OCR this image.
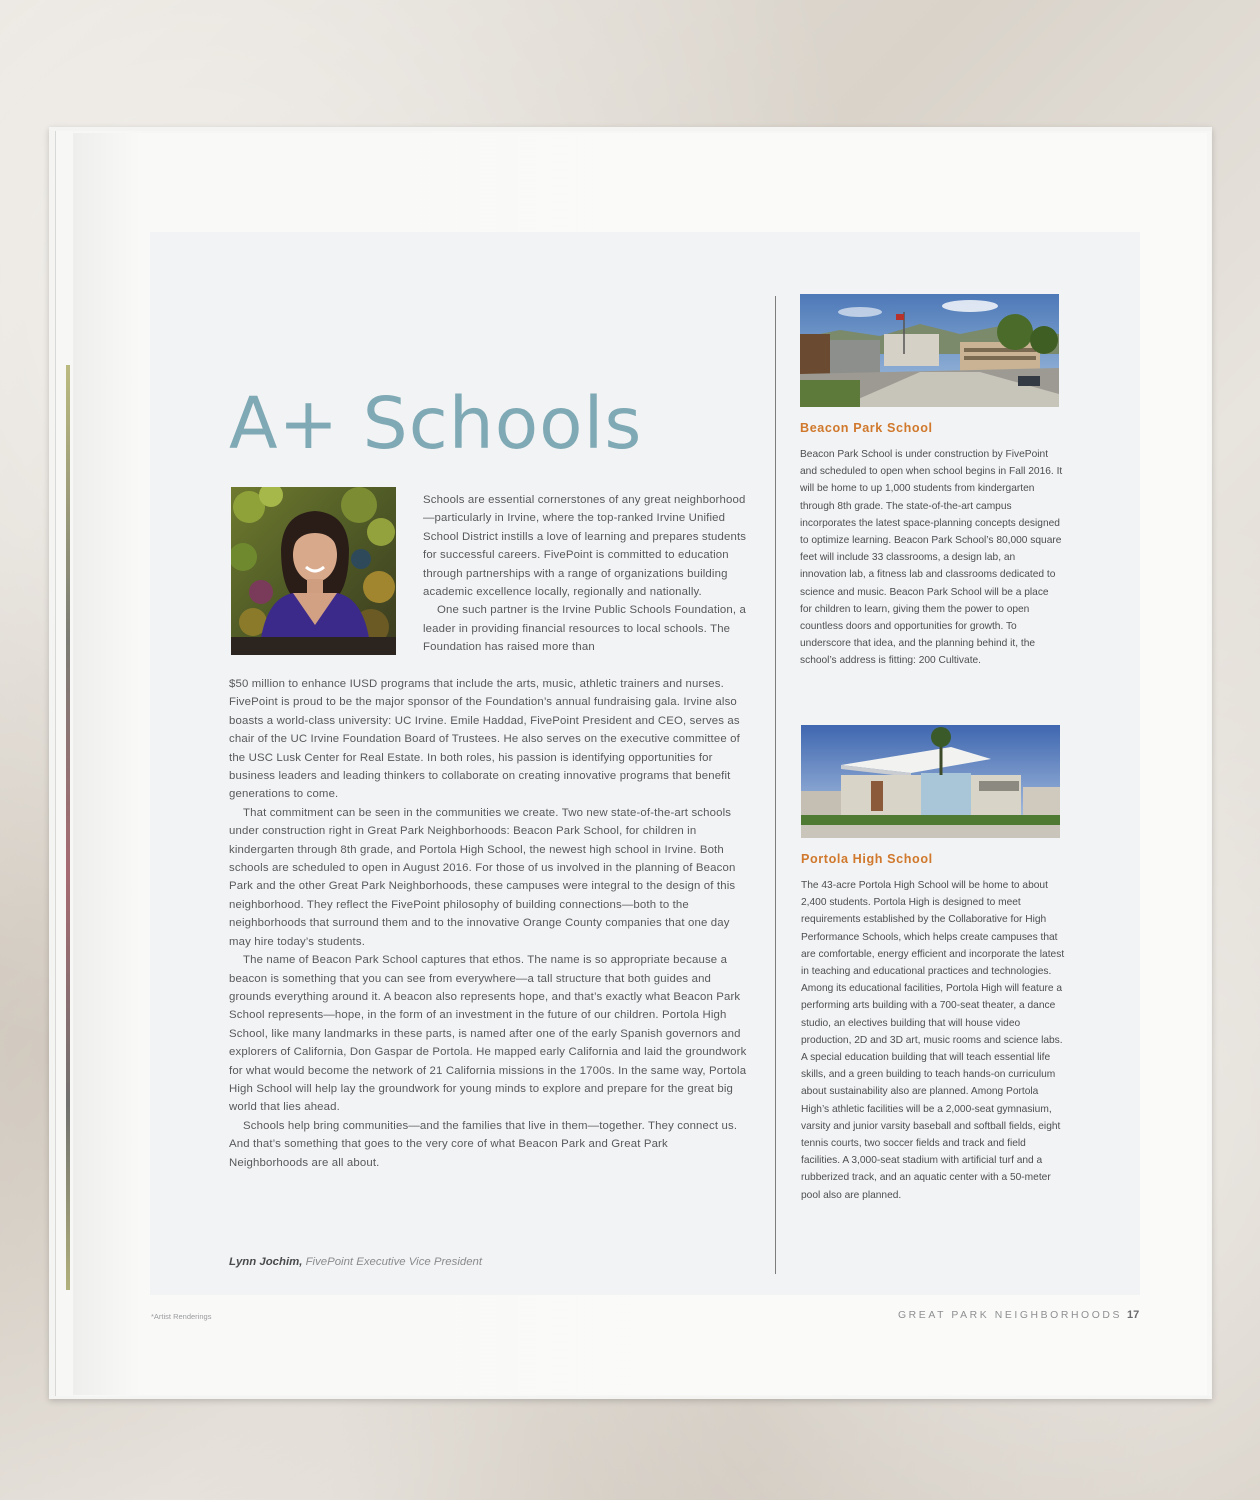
A+ Schools

Schools are essential cornerstones of any great neighborhood—particularly in Irvine, where the top-ranked Irvine Unified School District instills a love of learning and prepares students for successful careers. FivePoint is committed to education through partnerships with a range of organizations building academic excellence locally, regionally and nationally.

One such partner is the Irvine Public Schools Foundation, a leader in providing financial resources to local schools. The Foundation has raised more than

$50 million to enhance IUSD programs that include the arts, music, athletic trainers and nurses. FivePoint is proud to be the major sponsor of the Foundation’s annual fundraising gala. Irvine also boasts a world-class university: UC Irvine. Emile Haddad, FivePoint President and CEO, serves as chair of the UC Irvine Foundation Board of Trustees. He also serves on the executive committee of the USC Lusk Center for Real Estate. In both roles, his passion is identifying opportunities for business leaders and leading thinkers to collaborate on creating innovative programs that benefit generations to come.

That commitment can be seen in the communities we create. Two new state-of-the-art schools under construction right in Great Park Neighborhoods: Beacon Park School, for children in kindergarten through 8th grade, and Portola High School, the newest high school in Irvine. Both schools are scheduled to open in August 2016. For those of us involved in the planning of Beacon Park and the other Great Park Neighborhoods, these campuses were integral to the design of this neighborhood. They reflect the FivePoint philosophy of building connections—both to the neighborhoods that surround them and to the innovative Orange County companies that one day may hire today’s students.

The name of Beacon Park School captures that ethos. The name is so appropriate because a beacon is something that you can see from everywhere—a tall structure that both guides and grounds everything around it. A beacon also represents hope, and that’s exactly what Beacon Park School represents—hope, in the form of an investment in the future of our children. Portola High School, like many landmarks in these parts, is named after one of the early Spanish governors and explorers of California, Don Gaspar de Portola. He mapped early California and laid the groundwork for what would become the network of 21 California missions in the 1700s. In the same way, Portola High School will help lay the groundwork for young minds to explore and prepare for the great big world that lies ahead.

Schools help bring communities—and the families that live in them—together. They connect us. And that’s something that goes to the very core of what Beacon Park and Great Park Neighborhoods are all about.

Lynn Jochim, FivePoint Executive Vice President
Beacon Park School

Beacon Park School is under construction by FivePoint and scheduled to open when school begins in Fall 2016. It will be home to up 1,000 students from kindergarten through 8th grade. The state-of-the-art campus incorporates the latest space-planning concepts designed to optimize learning. Beacon Park School’s 80,000 square feet will include 33 classrooms, a design lab, an innovation lab, a fitness lab and classrooms dedicated to science and music. Beacon Park School will be a place for children to learn, giving them the power to open countless doors and opportunities for growth. To underscore that idea, and the planning behind it, the school’s address is fitting: 200 Cultivate.

Portola High School

The 43-acre Portola High School will be home to about 2,400 students. Portola High is designed to meet requirements established by the Collaborative for High Performance Schools, which helps create campuses that are comfortable, energy efficient and incorporate the latest in teaching and educational practices and technologies. Among its educational facilities, Portola High will feature a performing arts building with a 700-seat theater, a dance studio, an electives building that will house video production, 2D and 3D art, music rooms and science labs. A special education building that will teach essential life skills, and a green building to teach hands-on curriculum about sustainability also are planned. Among Portola High’s athletic facilities will be a 2,000-seat gymnasium, varsity and junior varsity baseball and softball fields, eight tennis courts, two soccer fields and track and field facilities. A 3,000-seat stadium with artificial turf and a rubberized track, and an aquatic center with a 50-meter pool also are planned.

*Artist Renderings	GREAT PARK NEIGHBORHOODS 17
